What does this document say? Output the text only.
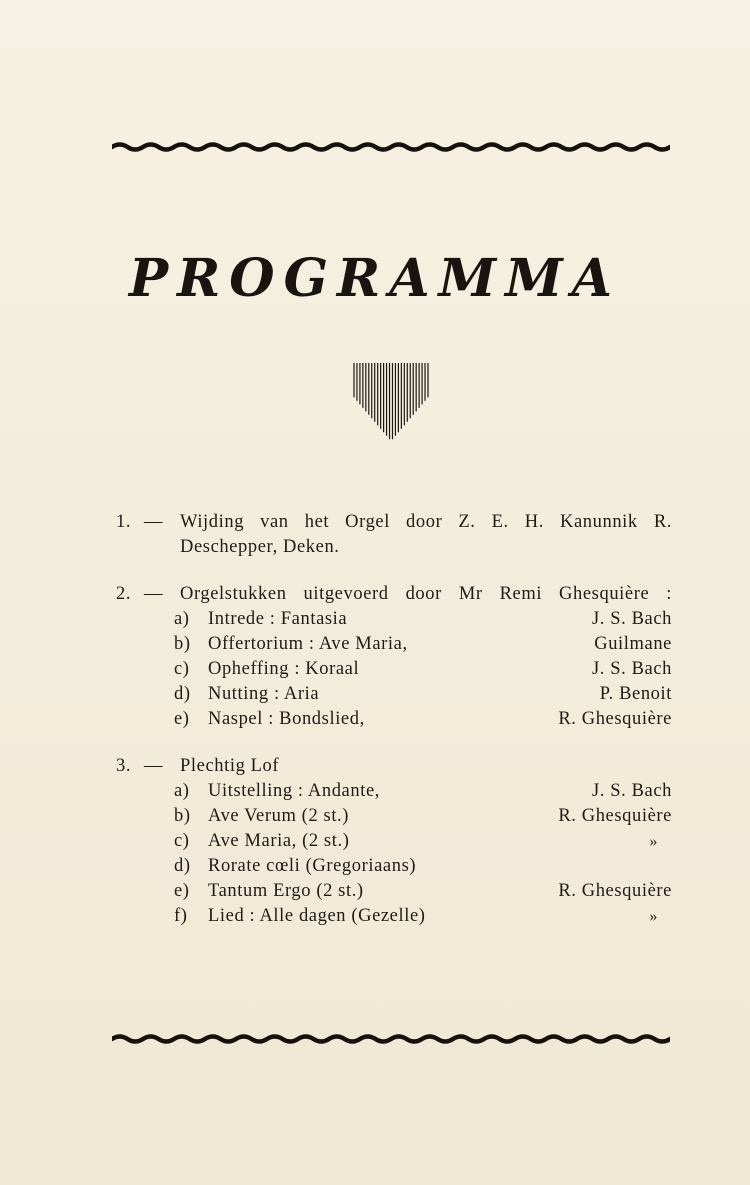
PROGRAMMA
1. — Wijding van het Orgel door Z. E. H. Kanunnik R.
Deschepper, Deken.
2. — Orgelstukken uitgevoerd door Mr Remi Ghesquière :
a) Intrede : Fantasia	J. S. Bach
b) Offertorium : Ave Maria,	Guilmane
c) Opheffing : Koraal	J. S. Bach
d) Nutting : Aria	P. Benoit
e) Naspel : Bondslied,	R. Ghesquière
3. — Plechtig Lof
a) Uitstelling : Andante,	J. S. Bach
b) Ave Verum (2 st.)	R. Ghesquière
c) Ave Maria, (2 st.)	»
d) Rorate cœli (Gregoriaans)
e) Tantum Ergo (2 st.)	R. Ghesquière
f)	Lied : Alle dagen (Gezelle)	»
